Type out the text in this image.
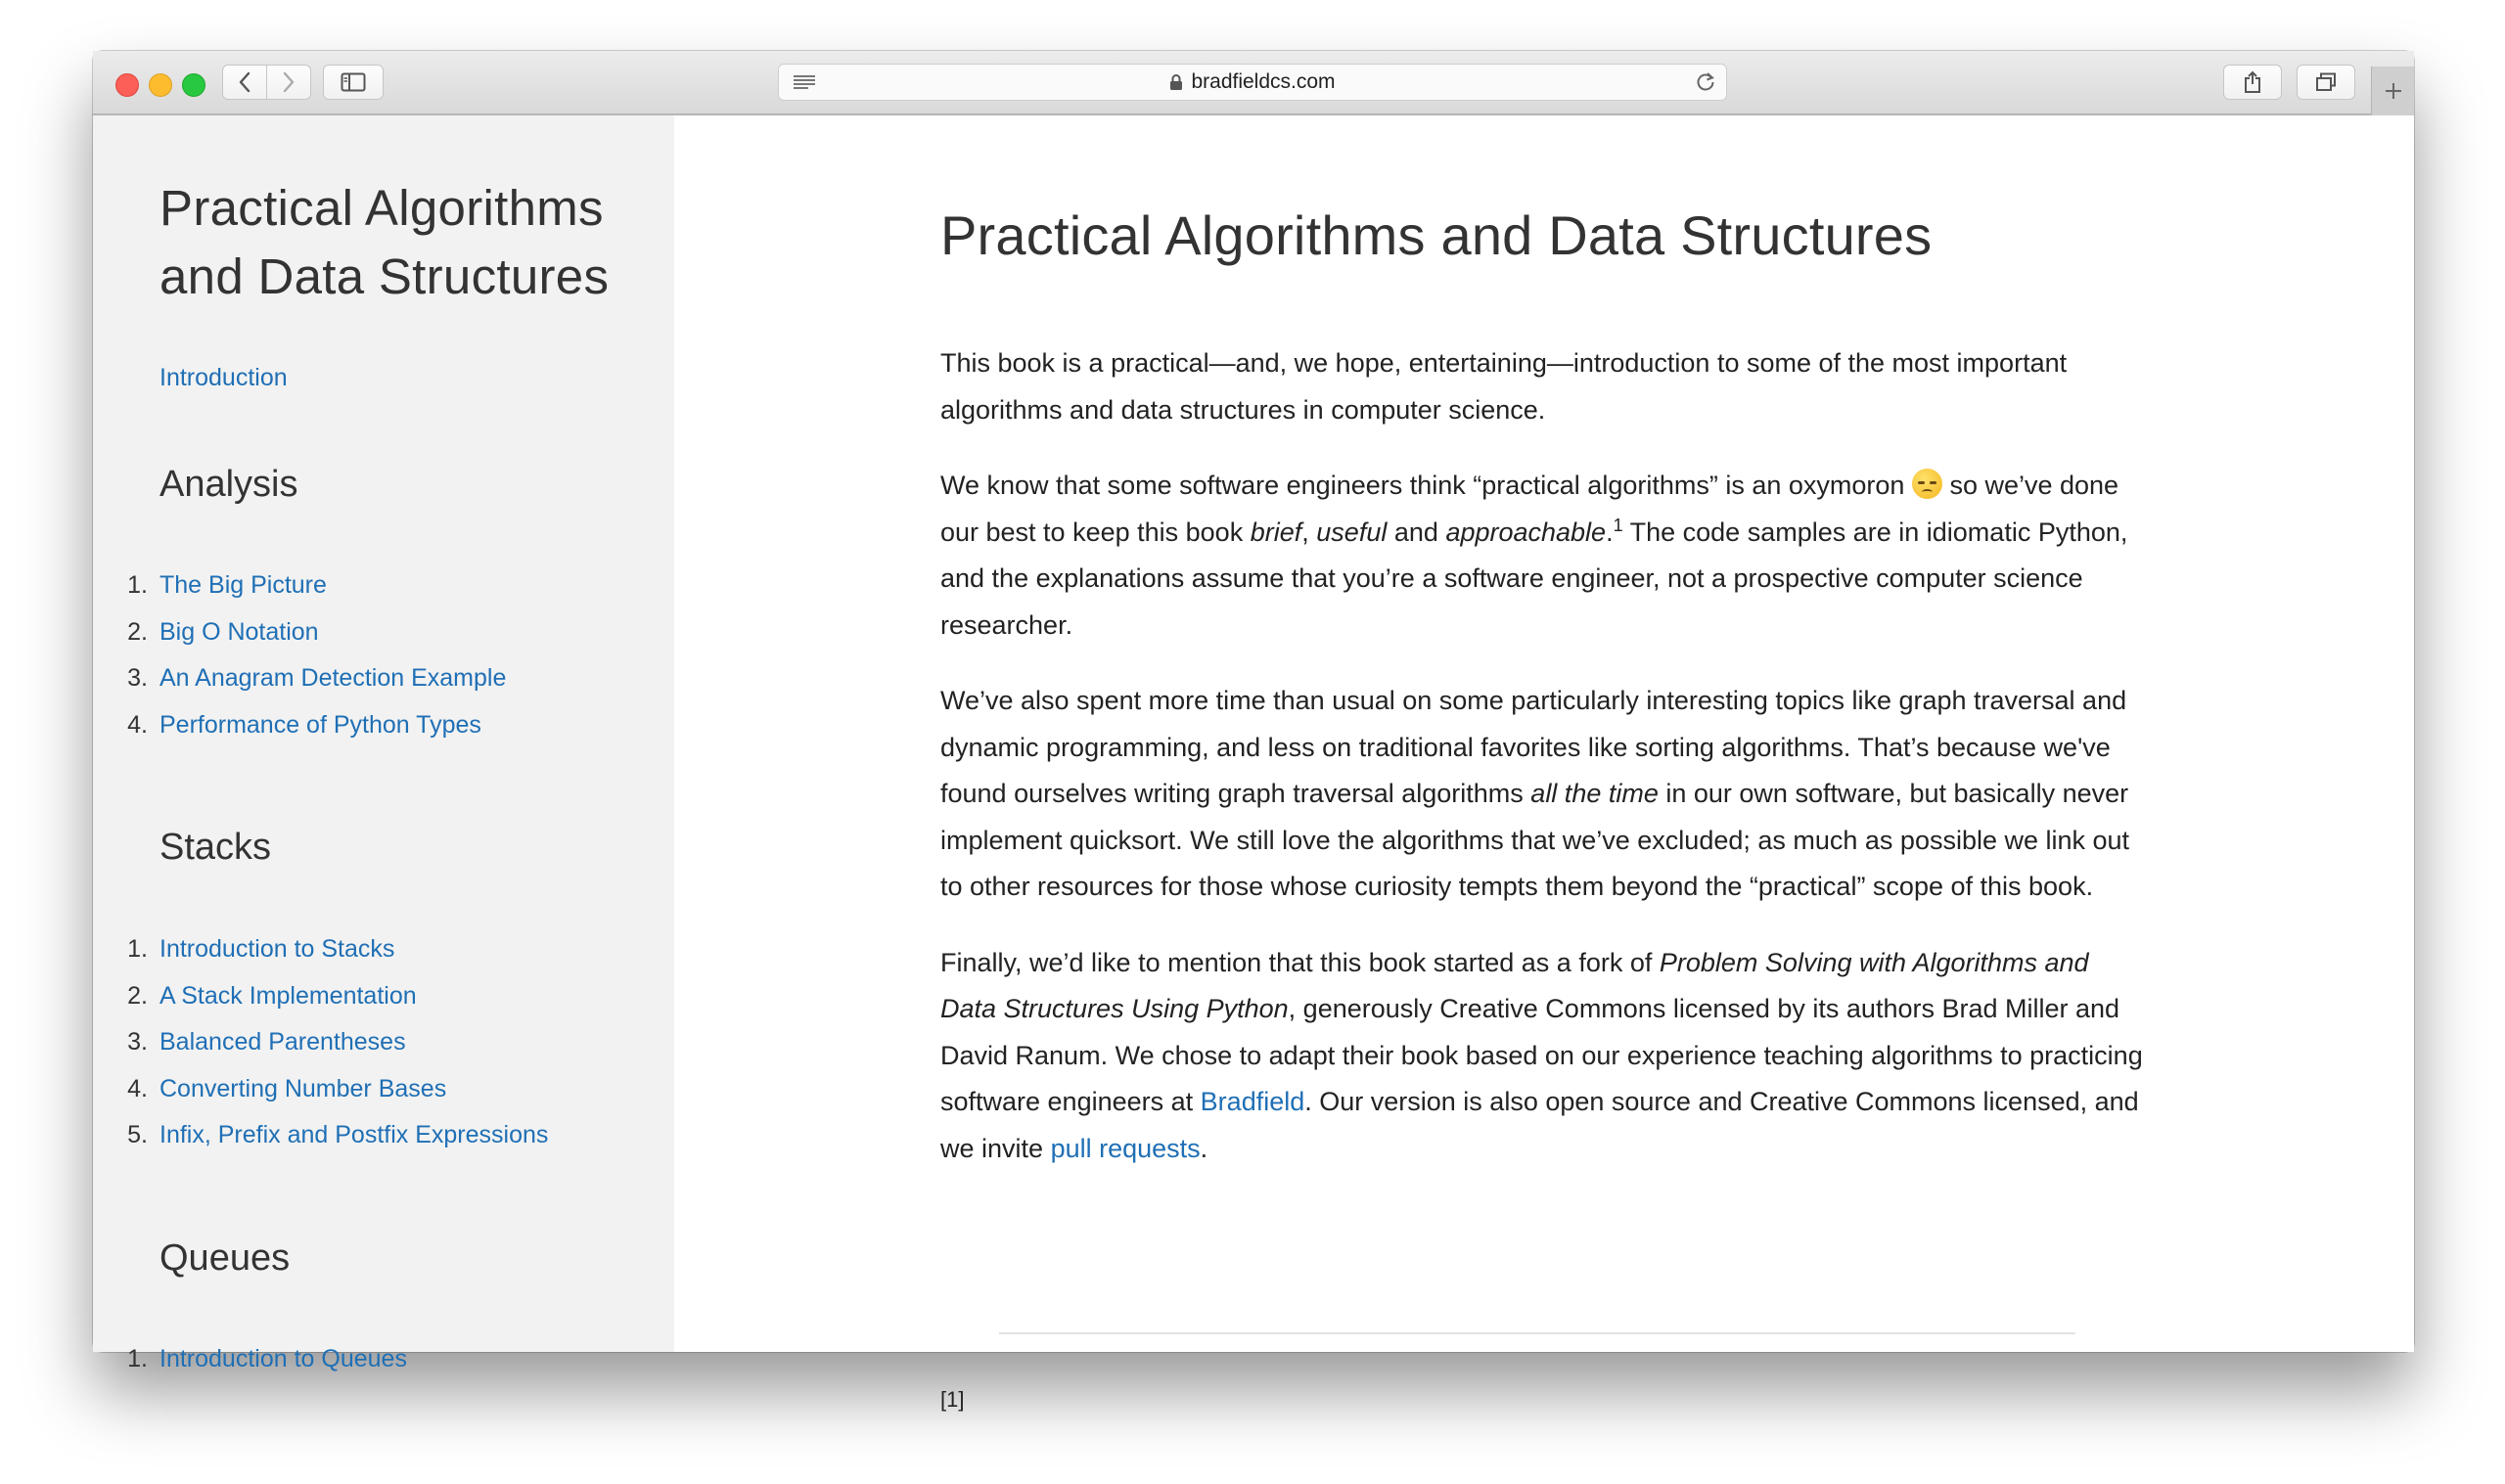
bradfieldcs.com
Practical Algorithms and Data Structures
Introduction
Analysis
1. The Big Picture
2. Big O Notation
3. An Anagram Detection Example
4. Performance of Python Types
Stacks
1. Introduction to Stacks
2. A Stack Implementation
3. Balanced Parentheses
4. Converting Number Bases
5. Infix, Prefix and Postfix Expressions
Queues
1. Introduction to Queues
Practical Algorithms and Data Structures

This book is a practical—and, we hope, entertaining—introduction to some of the most important algorithms and data structures in computer science.

We know that some software engineers think “practical algorithms” is an oxymoron so we’ve done our best to keep this book brief, useful and approachable.$^1$ The code samples are in idiomatic Python, and the explanations assume that you’re a software engineer, not a prospective computer science researcher.

We’ve also spent more time than usual on some particularly interesting topics like graph traversal and dynamic programming, and less on traditional favorites like sorting algorithms. That’s because we've found ourselves writing graph traversal algorithms all the time in our own software, but basically never implement quicksort. We still love the algorithms that we’ve excluded; as much as possible we link out to other resources for those whose curiosity tempts them beyond the “practical” scope of this book.

Finally, we’d like to mention that this book started as a fork of Problem Solving with Algorithms and Data Structures Using Python, generously Creative Commons licensed by its authors Brad Miller and David Ranum. We chose to adapt their book based on our experience teaching algorithms to practicing software engineers at Bradfield. Our version is also open source and Creative Commons licensed, and we invite pull requests.

[1]
